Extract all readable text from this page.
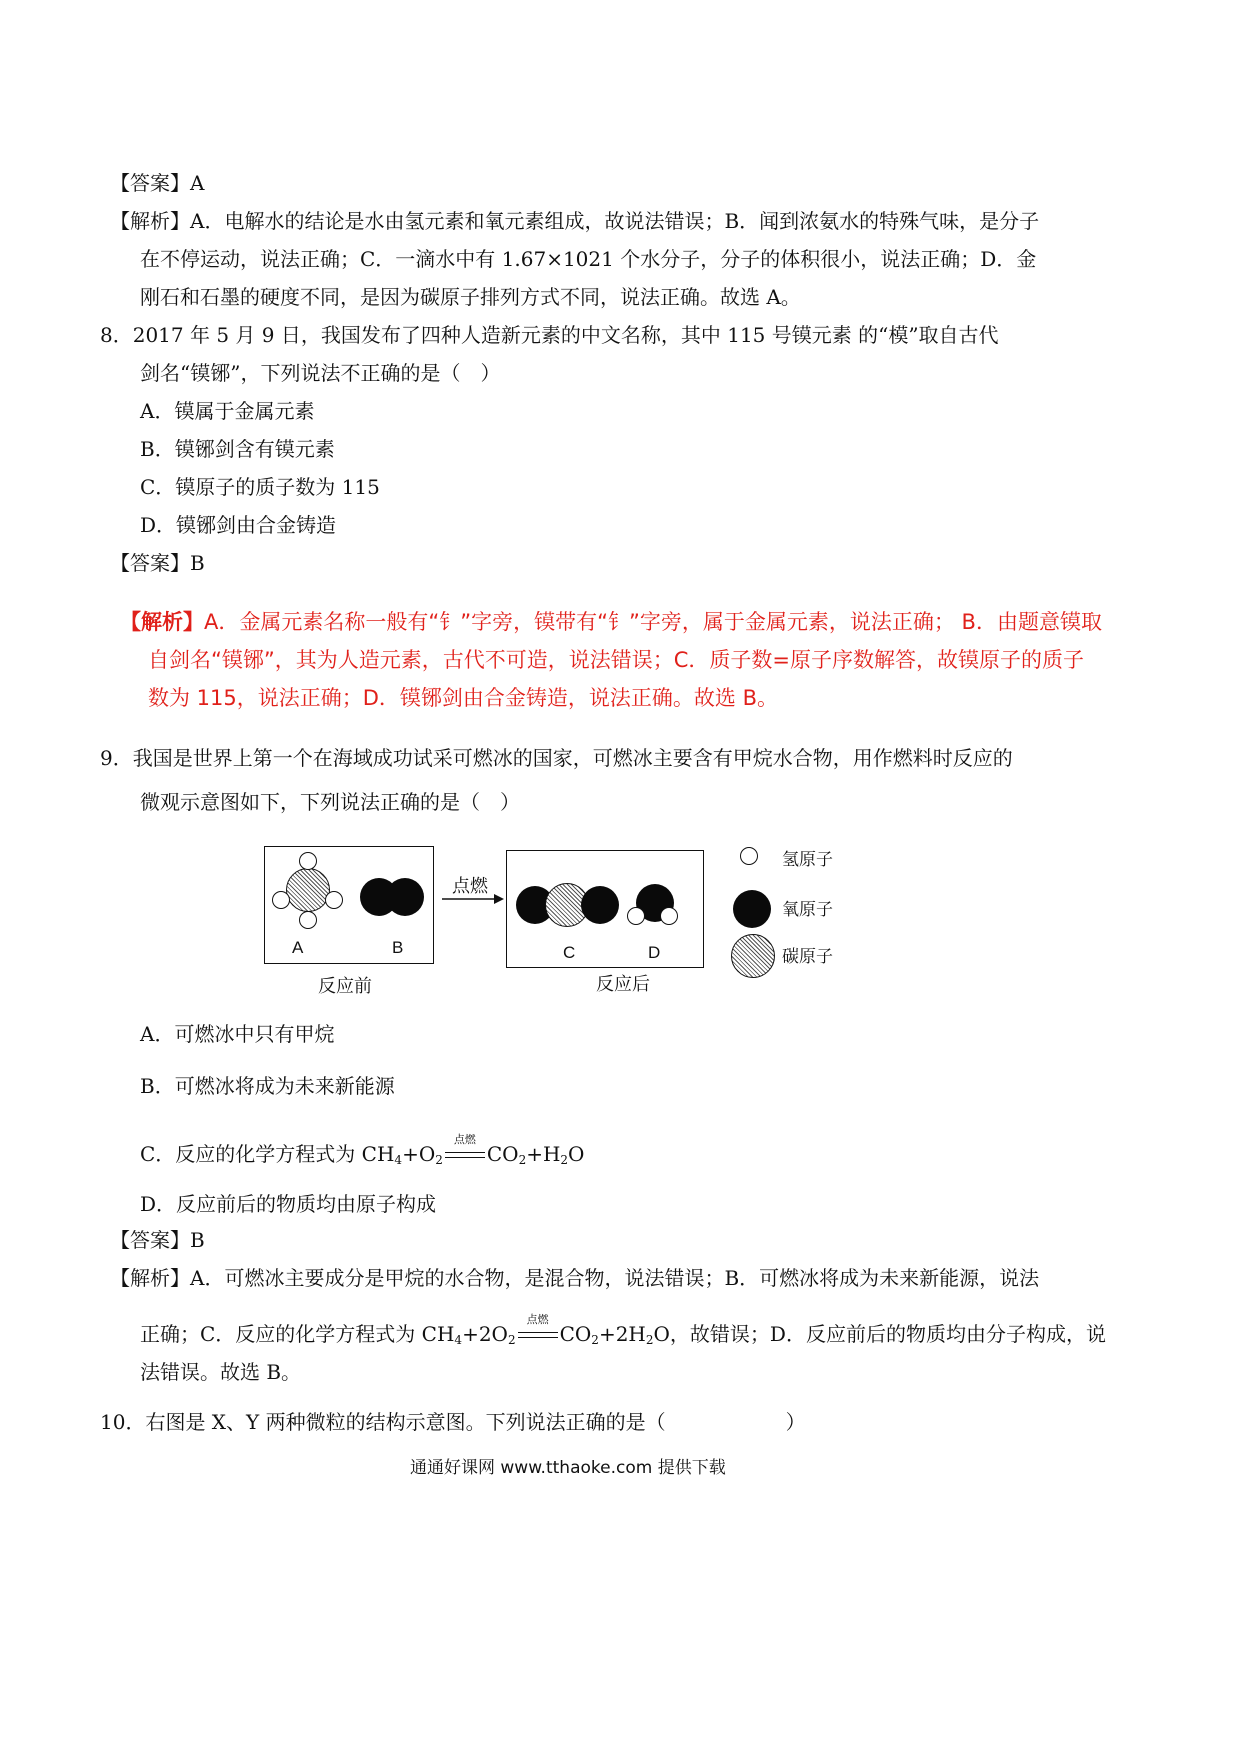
【答案】A
【解析】A．电解水的结论是水由氢元素和氧元素组成，故说法错误；B．闻到浓氨水的特殊气味，是分子
在不停运动，说法正确；C．一滴水中有 1.67×1021 个水分子，分子的体积很小，说法正确；D．金
刚石和石墨的硬度不同，是因为碳原子排列方式不同，说法正确。故选 A。
8．2017 年 5 月 9 日，我国发布了四种人造新元素的中文名称，其中 115 号镆元素 的“模”取自古代
剑名“镆铘”，下列说法不正确的是（　）
A．镆属于金属元素
B．镆铘剑含有镆元素
C．镆原子的质子数为 115
D．镆铘剑由合金铸造
【答案】B
【解析】A．金属元素名称一般有“钅”字旁，镆带有“钅”字旁，属于金属元素，说法正确； B．由题意镆取
自剑名“镆铘”，其为人造元素，古代不可造，说法错误；C．质子数=原子序数解答，故镆原子的质子
数为 115，说法正确；D．镆铘剑由合金铸造，说法正确。故选 B。
9．我国是世界上第一个在海域成功试采可燃冰的国家，可燃冰主要含有甲烷水合物，用作燃料时反应的
微观示意图如下，下列说法正确的是（　）
A	B
点燃
C	D
反应前	反应后
氢原子
氧原子
碳原子
A．可燃冰中只有甲烷
B．可燃冰将成为未来新能源
C．反应的化学方程式为 $CH_4+O_2$
点燃
$CO_2+H_2O$
D．反应前后的物质均由原子构成
【答案】B
【解析】A．可燃冰主要成分是甲烷的水合物，是混合物，说法错误；B．可燃冰将成为未来新能源，说法
正确；C．反应的化学方程式为 $CH_4+2O_2$
点燃
$CO_2+2H_2O$，故错误；D．反应前后的物质均由分子构成，说
法错误。故选 B。
10．右图是 X、Y 两种微粒的结构示意图。下列说法正确的是（　　　　　　）
通通好课网 www.tthaoke.com 提供下载
